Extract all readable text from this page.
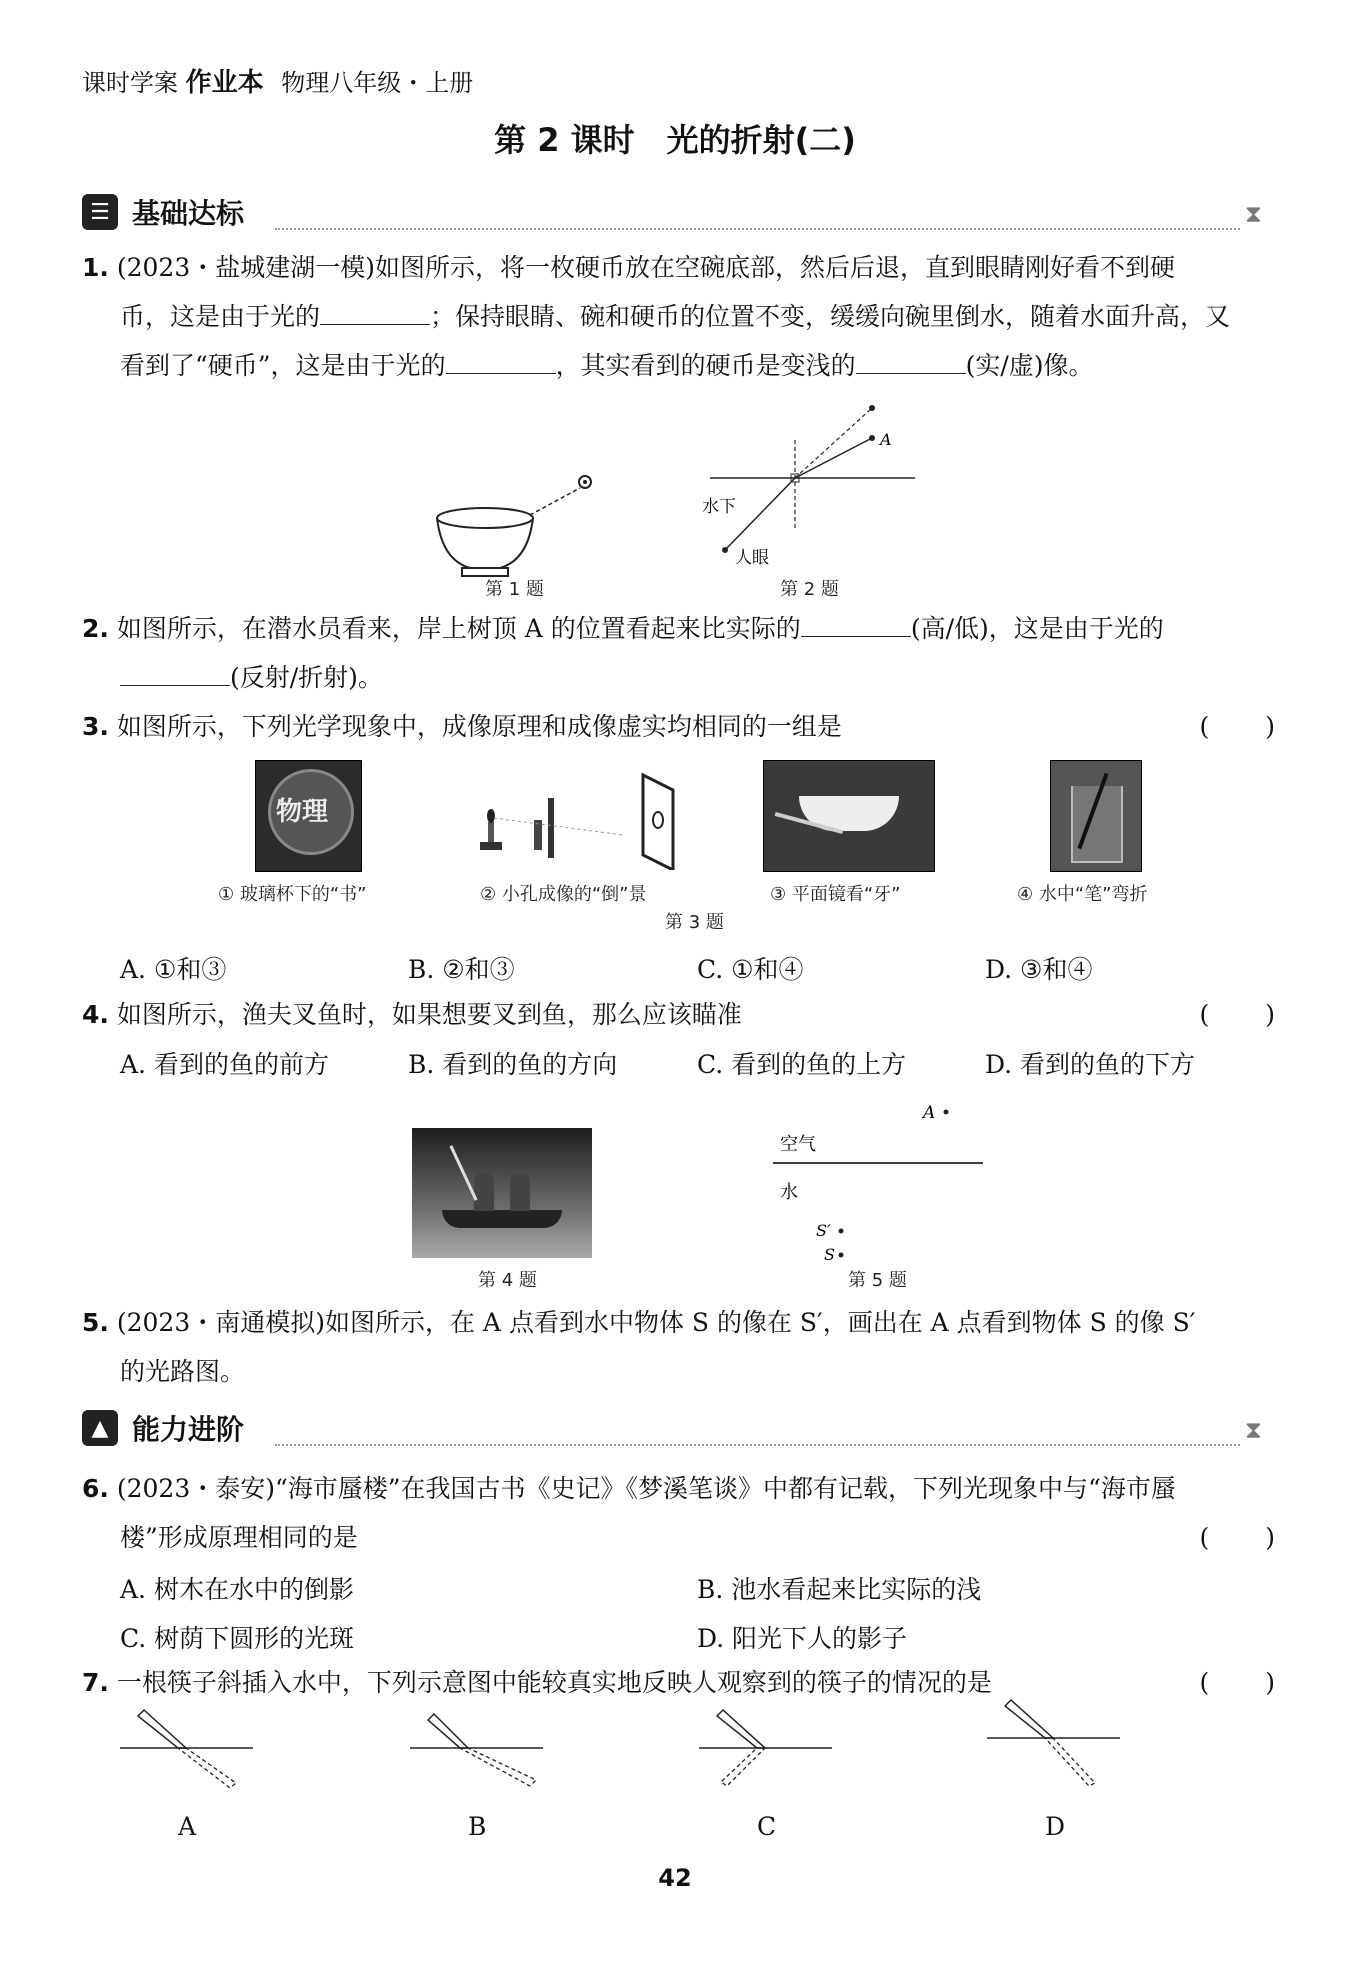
课时学案 作业本 物理八年级・上册
第 2 课时　光的折射(二)
☰ 基础达标	⧗
1. (2023・盐城建湖一模)如图所示，将一枚硬币放在空碗底部，然后后退，直到眼睛刚好看不到硬
币，这是由于光的	；保持眼睛、碗和硬币的位置不变，缓缓向碗里倒水，随着水面升高，又
看到了“硬币”，这是由于光的	，其实看到的硬币是变浅的	(实/虚)像。
第 1 题
A
水下
人眼
第 2 题
2. 如图所示，在潜水员看来，岸上树顶 A 的位置看起来比实际的	(高/低)，这是由于光的
(反射/折射)。
3. 如图所示，下列光学现象中，成像原理和成像虚实均相同的一组是	(　　)
物理
① 玻璃杯下的“书”	② 小孔成像的“倒”景	③ 平面镜看“牙”	④ 水中“笔”弯折
第 3 题
A. ①和③	B. ②和③	C. ①和④	D. ③和④
4. 如图所示，渔夫叉鱼时，如果想要叉到鱼，那么应该瞄准	(　　)
A. 看到的鱼的前方	B. 看到的鱼的方向	C. 看到的鱼的上方	D. 看到的鱼的下方
第 4 题
A
空气
水
S′
S
第 5 题
5. (2023・南通模拟)如图所示，在 A 点看到水中物体 S 的像在 S′，画出在 A 点看到物体 S 的像 S′
的光路图。
▲ 能力进阶	⧗
6. (2023・泰安)“海市蜃楼”在我国古书《史记》《梦溪笔谈》中都有记载，下列光现象中与“海市蜃
楼”形成原理相同的是	(　　)
A. 树木在水中的倒影	B. 池水看起来比实际的浅
C. 树荫下圆形的光斑	D. 阳光下人的影子
7. 一根筷子斜插入水中，下列示意图中能较真实地反映人观察到的筷子的情况的是	(　　)
A	B	C	D
42
